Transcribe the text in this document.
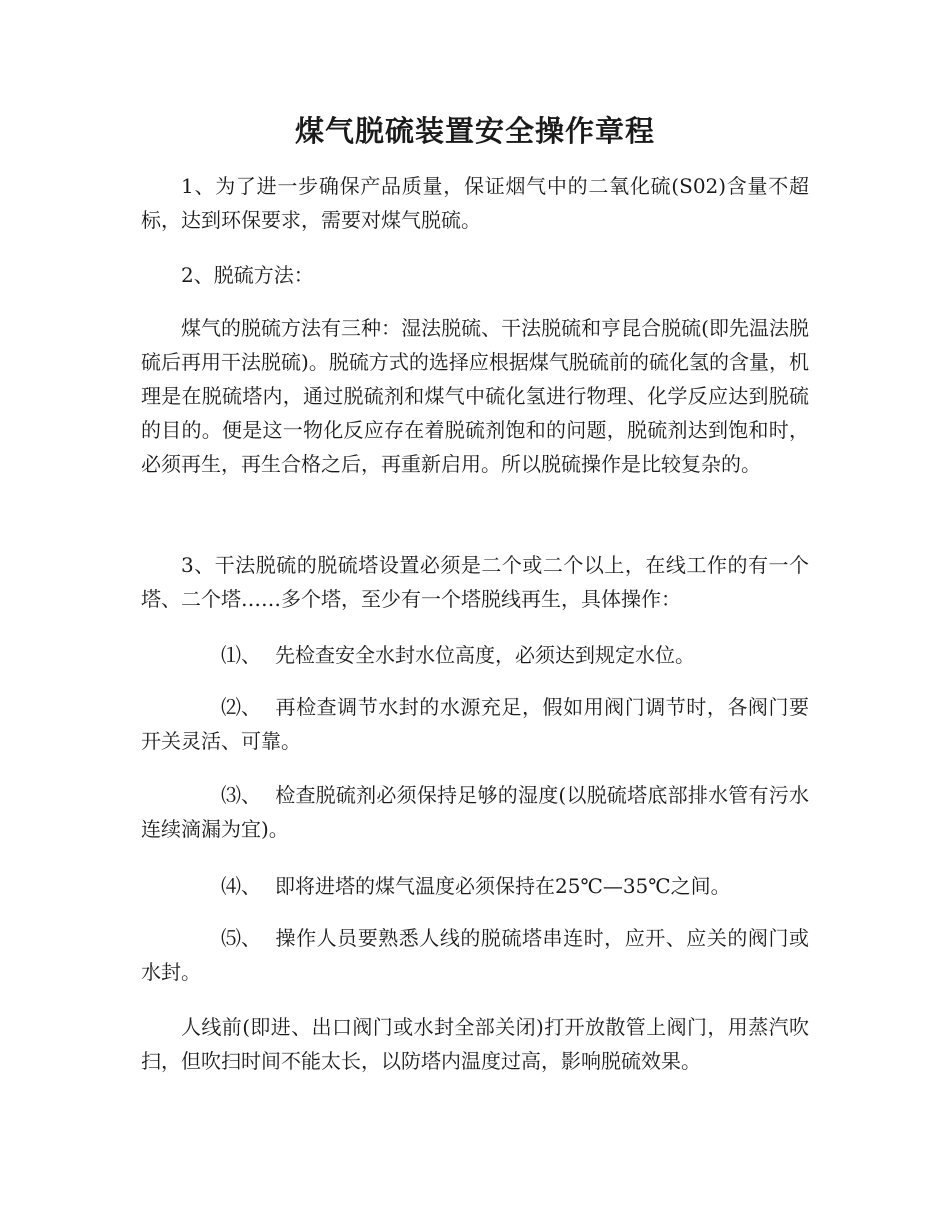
煤气脱硫装置安全操作章程

1、为了进一步确保产品质量，保证烟气中的二氧化硫(S02)含量不超标，达到环保要求，需要对煤气脱硫。

2、脱硫方法：

煤气的脱硫方法有三种：湿法脱硫、干法脱硫和亨昆合脱硫(即先温法脱硫后再用干法脱硫)。脱硫方式的选择应根据煤气脱硫前的硫化氢的含量，机理是在脱硫塔内，通过脱硫剂和煤气中硫化氢进行物理、化学反应达到脱硫的目的。便是这一物化反应存在着脱硫剂饱和的问题，脱硫剂达到饱和时，必须再生，再生合格之后，再重新启用。所以脱硫操作是比较复杂的。

3、干法脱硫的脱硫塔设置必须是二个或二个以上，在线工作的有一个塔、二个塔……多个塔，至少有一个塔脱线再生，具体操作：

⑴、 先检查安全水封水位高度，必须达到规定水位。

⑵、 再检查调节水封的水源充足，假如用阀门调节时，各阀门要开关灵活、可靠。

⑶、 检查脱硫剂必须保持足够的湿度(以脱硫塔底部排水管有污水连续滴漏为宜)。

⑷、 即将进塔的煤气温度必须保持在25℃—35℃之间。

⑸、 操作人员要熟悉人线的脱硫塔串连时，应开、应关的阀门或水封。

人线前(即进、出口阀门或水封全部关闭)打开放散管上阀门，用蒸汽吹扫，但吹扫时间不能太长，以防塔内温度过高，影响脱硫效果。
